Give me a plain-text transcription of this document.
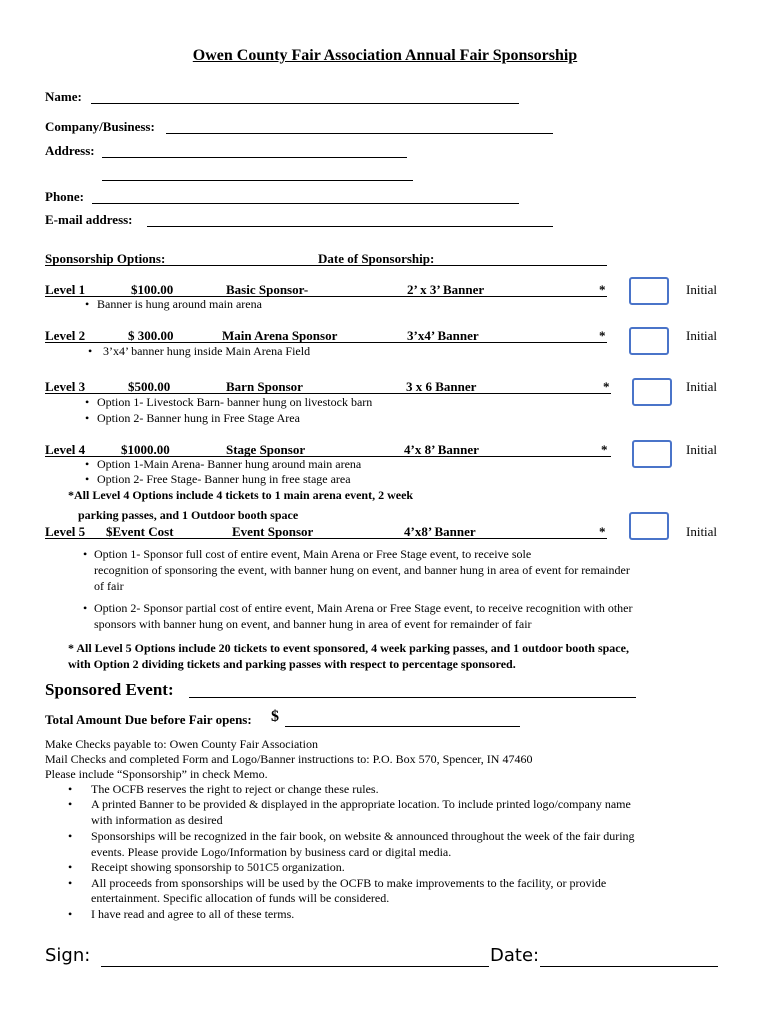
Owen County Fair Association Annual Fair Sponsorship
Name:
Company/Business:
Address:
Phone:
E-mail address:
Sponsorship Options:	Date of Sponsorship:
Level 1	$100.00	Basic Sponsor-	2’ x 3’ Banner	*	Initial
• Banner is hung around main arena
Level 2	$ 300.00	Main Arena Sponsor	3’x4’ Banner	*	Initial
• 3’x4’ banner hung inside Main Arena Field
Level 3	$500.00	Barn Sponsor	3 x 6 Banner	*	Initial
• Option 1- Livestock Barn- banner hung on livestock barn
• Option 2- Banner hung in Free Stage Area
Level 4	$1000.00	Stage Sponsor	4’x 8’ Banner	*	Initial
• Option 1-Main Arena- Banner hung around main arena
• Option 2- Free Stage- Banner hung in free stage area
*All Level 4 Options include 4 tickets to 1 main arena event, 2 week
parking passes, and 1 Outdoor booth space
Level 5 $Event Cost	Event Sponsor	4’x8’ Banner	*	Initial
• Option 1- Sponsor full cost of entire event, Main Arena or Free Stage event, to receive sole
recognition of sponsoring the event, with banner hung on event, and banner hung in area of event for remainder
of fair
• Option 2- Sponsor partial cost of entire event, Main Arena or Free Stage event, to receive recognition with other
sponsors with banner hung on event, and banner hung in area of event for remainder of fair
* All Level 5 Options include 20 tickets to event sponsored, 4 week parking passes, and 1 outdoor booth space,
with Option 2 dividing tickets and parking passes with respect to percentage sponsored.
Sponsored Event:
Total Amount Due before Fair opens: $
Make Checks payable to: Owen County Fair Association
Mail Checks and completed Form and Logo/Banner instructions to: P.O. Box 570, Spencer, IN 47460
Please include “Sponsorship” in check Memo.
• The OCFB reserves the right to reject or change these rules.
• A printed Banner to be provided & displayed in the appropriate location. To include printed logo/company name
with information as desired
• Sponsorships will be recognized in the fair book, on website & announced throughout the week of the fair during
events. Please provide Logo/Information by business card or digital media.
• Receipt showing sponsorship to 501C5 organization.
• All proceeds from sponsorships will be used by the OCFB to make improvements to the facility, or provide
entertainment. Specific allocation of funds will be considered.
• I have read and agree to all of these terms.
Sign:	Date:
